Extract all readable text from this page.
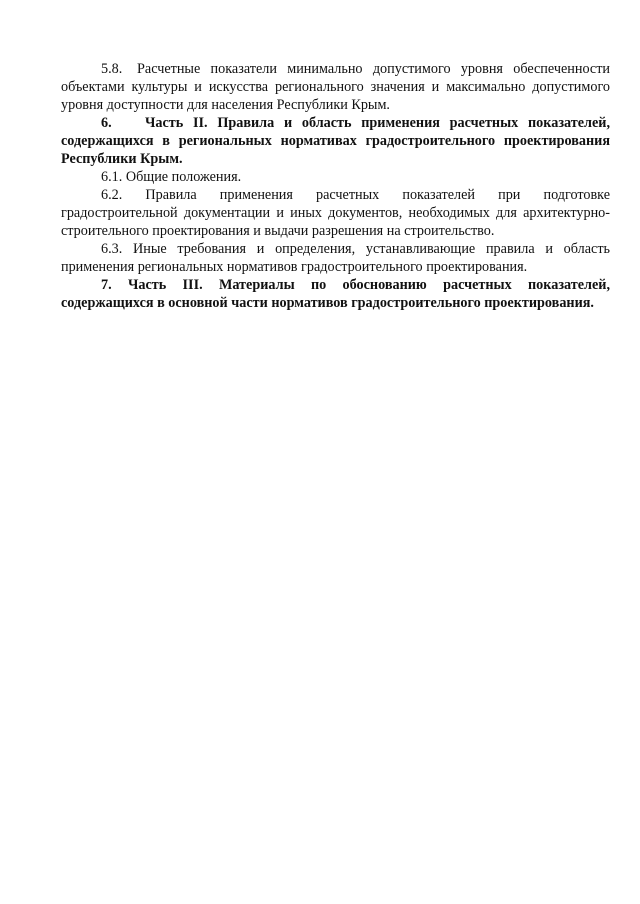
5.8. Расчетные показатели минимально допустимого уровня обеспеченности объектами культуры и искусства регионального значения и максимально допустимого уровня доступности для населения Республики Крым.

6. Часть II. Правила и область применения расчетных показателей, содержащихся в региональных нормативах градостроительного проектирования Республики Крым.

6.1. Общие положения.

6.2. Правила применения расчетных показателей при подготовке градостроительной документации и иных документов, необходимых для архитектурно-строительного проектирования и выдачи разрешения на строительство.

6.3. Иные требования и определения, устанавливающие правила и область применения региональных нормативов градостроительного проектирования.

7. Часть III. Материалы по обоснованию расчетных показателей, содержащихся в основной части нормативов градостроительного проектирования.
